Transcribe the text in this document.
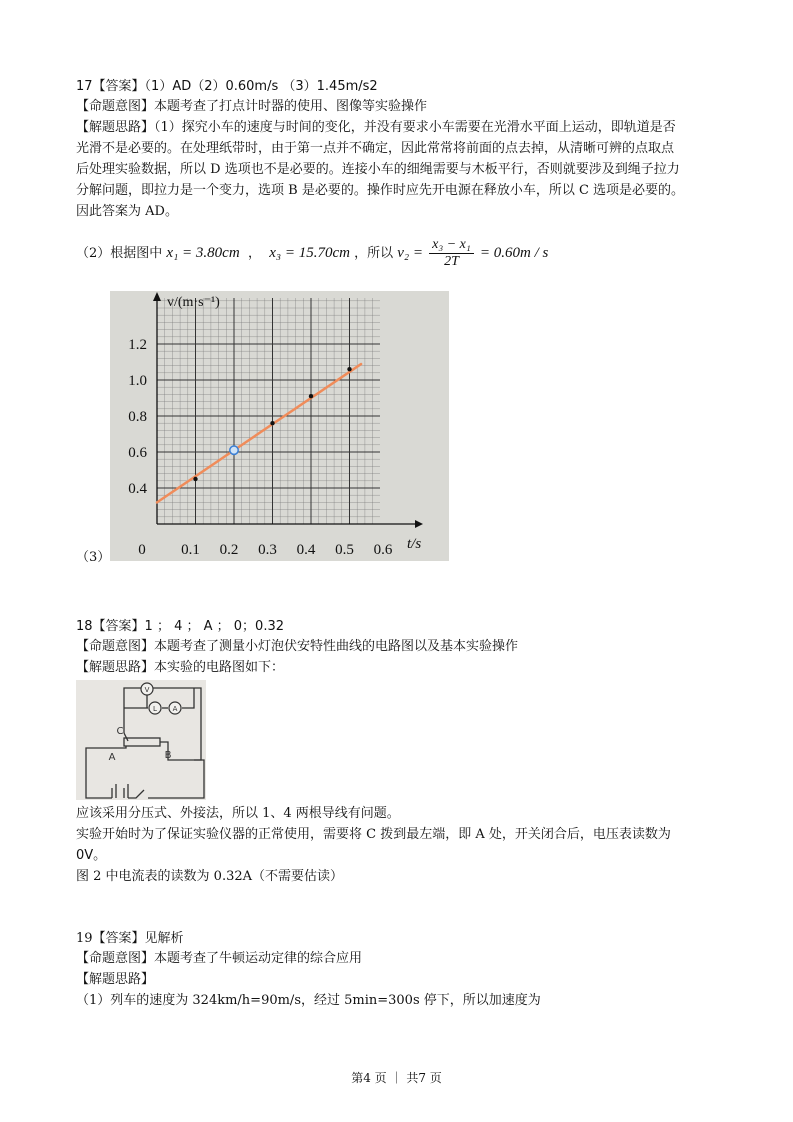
17【答案】（1）AD（2）0.60m/s （3）1.45m/s2
【命题意图】本题考查了打点计时器的使用、图像等实验操作
【解题思路】（1）探究小车的速度与时间的变化，并没有要求小车需要在光滑水平面上运动，即轨道是否
光滑不是必要的。在处理纸带时，由于第一点并不确定，因此常常将前面的点去掉，从清晰可辨的点取点
后处理实验数据，所以 D 选项也不是必要的。连接小车的细绳需要与木板平行，否则就要涉及到绳子拉力
分解问题，即拉力是一个变力，选项 B 是必要的。操作时应先开电源在释放小车，所以 C 选项是必要的。
因此答案为 AD。
（2）根据图中 x₁ = 3.80cm  ，  x₃ = 15.70cm ，所以 $v_2 = \frac{\text{x₃ − x₁}}{2T} = 0.60m / s$
0 0.1 0.2 0.3 0.4 0.5 0.6
0.4
0.6
0.8
1.0
1.2
v/(m·s⁻¹)
t/s
（3）
18【答案】1 ； 4 ； A ； 0；0.32
【命题意图】本题考查了测量小灯泡伏安特性曲线的电路图以及基本实验操作
【解题思路】本实验的电路图如下：
V
L A
C
A	B
应该采用分压式、外接法，所以 1、4 两根导线有问题。
实验开始时为了保证实验仪器的正常使用，需要将 C 拨到最左端，即 A 处，开关闭合后，电压表读数为
0V。
图 2 中电流表的读数为 0.32A（不需要估读）
19【答案】见解析
【命题意图】本题考查了牛顿运动定律的综合应用
【解题思路】
（1）列车的速度为 324km/h=90m/s，经过 5min=300s 停下，所以加速度为
第4 页 ｜ 共7 页
